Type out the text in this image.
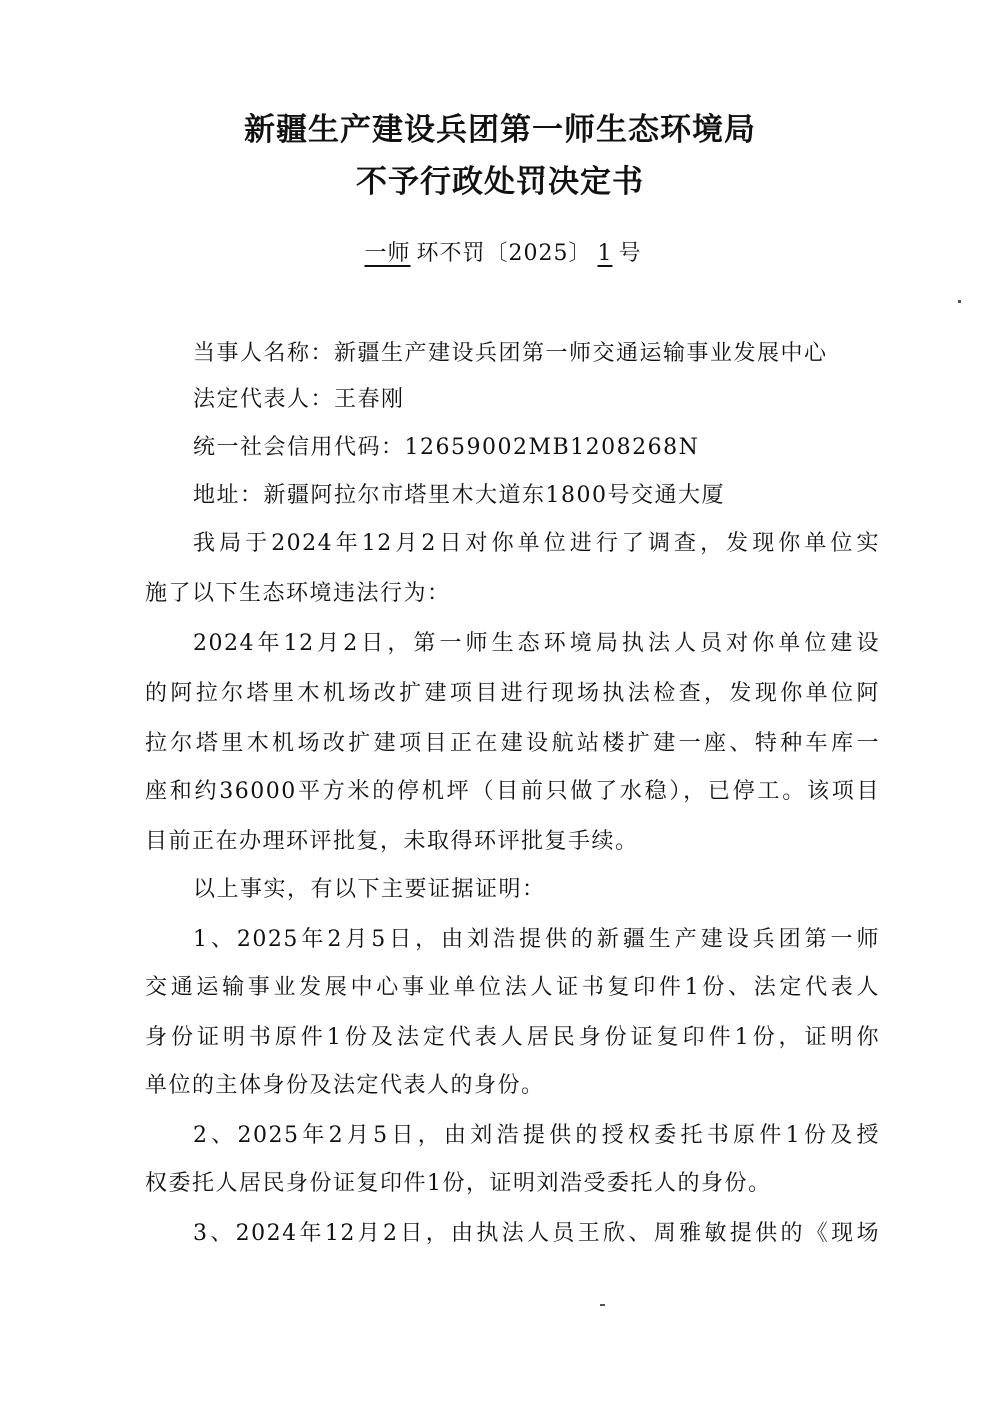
新疆生产建设兵团第一师生态环境局
不予行政处罚决定书
一师 环不罚〔2025〕 1 号
当事人名称：新疆生产建设兵团第一师交通运输事业发展中心
法定代表人：王春刚
统一社会信用代码：12659002MB1208268N
地址：新疆阿拉尔市塔里木大道东1800号交通大厦
我局于2024年12月2日对你单位进行了调查，发现你单位实
施了以下生态环境违法行为：
2024年12月2日，第一师生态环境局执法人员对你单位建设
的阿拉尔塔里木机场改扩建项目进行现场执法检查，发现你单位阿
拉尔塔里木机场改扩建项目正在建设航站楼扩建一座、特种车库一
座和约36000平方米的停机坪（目前只做了水稳），已停工。该项目
目前正在办理环评批复，未取得环评批复手续。
以上事实，有以下主要证据证明：
1、2025年2月5日，由刘浩提供的新疆生产建设兵团第一师
交通运输事业发展中心事业单位法人证书复印件1份、法定代表人
身份证明书原件1份及法定代表人居民身份证复印件1份，证明你
单位的主体身份及法定代表人的身份。
2、2025年2月5日，由刘浩提供的授权委托书原件1份及授
权委托人居民身份证复印件1份，证明刘浩受委托人的身份。
3、2024年12月2日，由执法人员王欣、周雅敏提供的《现场
